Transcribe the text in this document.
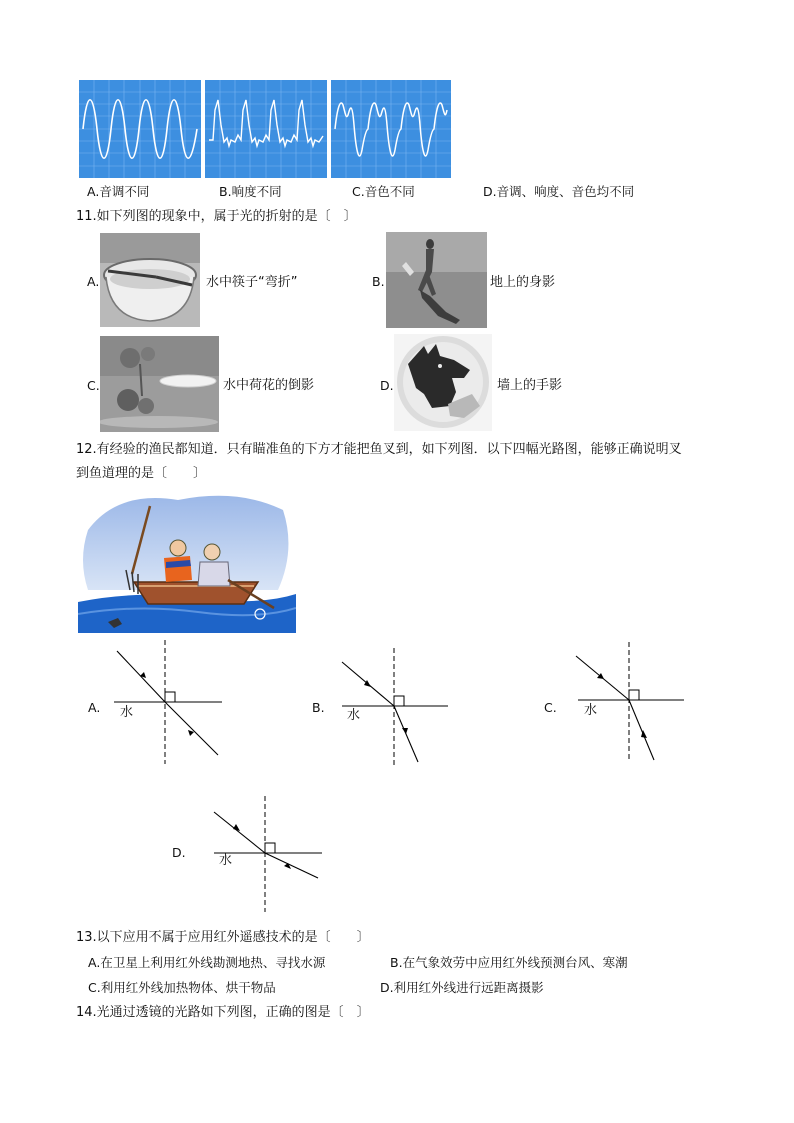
A.音调不同	B.响度不同	C.音色不同	D.音调、响度、音色均不同
11.如下列图的现象中，属于光的折射的是〔　〕
A.	水中筷子“弯折”	B.	地上的身影
C.	水中荷花的倒影	D.	墙上的手影
12.有经验的渔民都知道．只有瞄准鱼的下方才能把鱼叉到，如下列图．以下四幅光路图，能够正确说明叉
到鱼道理的是〔　　〕
A. 水	B.
水
C. 水
D.
水
13.以下应用不属于应用红外遥感技术的是〔　　〕
A.在卫星上利用红外线勘测地热、寻找水源	B.在气象效劳中应用红外线预测台风、寒潮
C.利用红外线加热物体、烘干物品	D.利用红外线进行远距离摄影
14.光通过透镜的光路如下列图，正确的图是〔　〕
